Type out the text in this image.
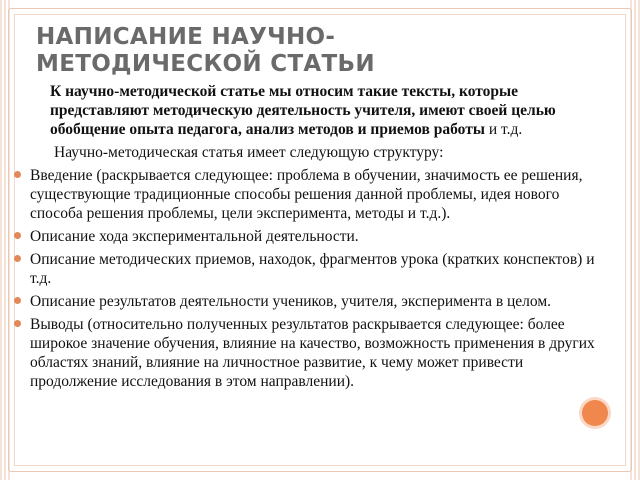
НАПИСАНИЕ НАУЧНО-
МЕТОДИЧЕСКОЙ СТАТЬИ

К научно-методической статье мы относим такие тексты, которые представляют методическую деятельность учителя, имеют своей целью обобщение опыта педагога, анализ методов и приемов работы и т.д.

Научно-методическая статья имеет следующую структуру:

Введение (раскрывается следующее: проблема в обучении, значимость ее решения, существующие традиционные способы решения данной проблемы, идея нового способа решения проблемы, цели эксперимента, методы и т.д.).
Описание хода экспериментальной деятельности.
Описание методических приемов, находок, фрагментов урока (кратких конспектов) и т.д.
Описание результатов деятельности учеников, учителя, эксперимента в целом.
Выводы (относительно полученных результатов раскрывается следующее: более широкое значение обучения, влияние на качество, возможность применения в других областях знаний, влияние на личностное развитие, к чему может привести продолжение исследования в этом направлении).
